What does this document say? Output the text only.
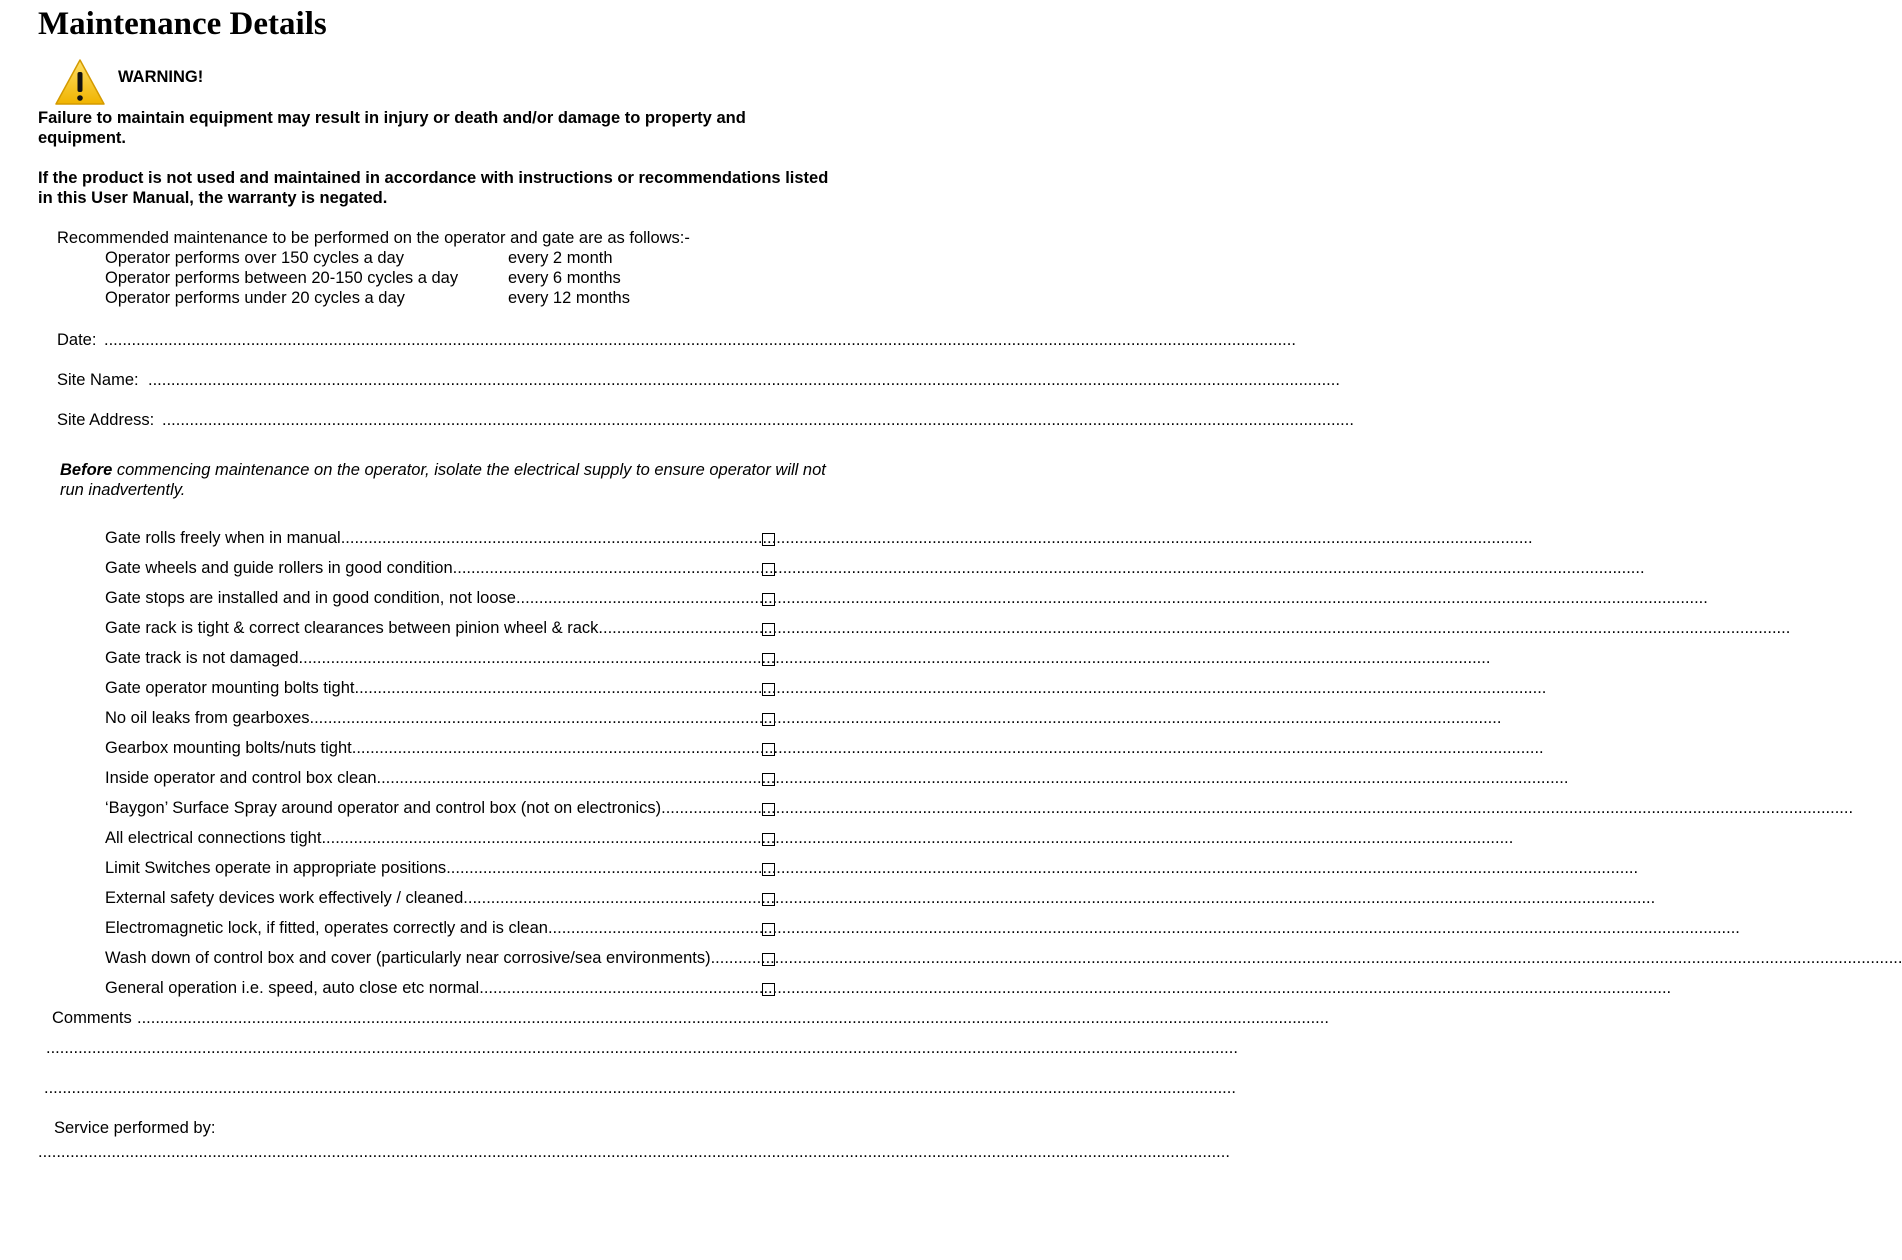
Maintenance Details
WARNING!
Failure to maintain equipment may result in injury or death and/or damage to property and equipment.
If the product is not used and maintained in accordance with instructions or recommendations listed in this User Manual, the warranty is negated.
Recommended maintenance to be performed on the operator and gate are as follows:-
Operator performs over 150 cycles a day	every 2 month
Operator performs between 20-150 cycles a day	every 6 months
Operator performs under 20 cycles a day	every 12 months
Date: ....................................................................................................................................................................................................................................................................
Site Name: ....................................................................................................................................................................................................................................................................
Site Address: ....................................................................................................................................................................................................................................................................
Before commencing maintenance on the operator, isolate the electrical supply to ensure operator will not run inadvertently.
Gate rolls freely when in manual ....................................................................................................................................................................................................................................................................
Gate wheels and guide rollers in good condition ....................................................................................................................................................................................................................................................................
Gate stops are installed and in good condition, not loose ....................................................................................................................................................................................................................................................................
Gate rack is tight & correct clearances between pinion wheel & rack ....................................................................................................................................................................................................................................................................
Gate track is not damaged ....................................................................................................................................................................................................................................................................
Gate operator mounting bolts tight ....................................................................................................................................................................................................................................................................
No oil leaks from gearboxes ....................................................................................................................................................................................................................................................................
Gearbox mounting bolts/nuts tight ....................................................................................................................................................................................................................................................................
Inside operator and control box clean ....................................................................................................................................................................................................................................................................
‘Baygon’ Surface Spray around operator and control box (not on electronics) ....................................................................................................................................................................................................................................................................
All electrical connections tight ....................................................................................................................................................................................................................................................................
Limit Switches operate in appropriate positions ....................................................................................................................................................................................................................................................................
External safety devices work effectively / cleaned ....................................................................................................................................................................................................................................................................
Electromagnetic lock, if fitted, operates correctly and is clean ....................................................................................................................................................................................................................................................................
Wash down of control box and cover (particularly near corrosive/sea environments) ....................................................................................................................................................................................................................................................................
General operation i.e. speed, auto close etc normal ....................................................................................................................................................................................................................................................................
Comments ....................................................................................................................................................................................................................................................................
....................................................................................................................................................................................................................................................................
....................................................................................................................................................................................................................................................................
Service performed by:
....................................................................................................................................................................................................................................................................
